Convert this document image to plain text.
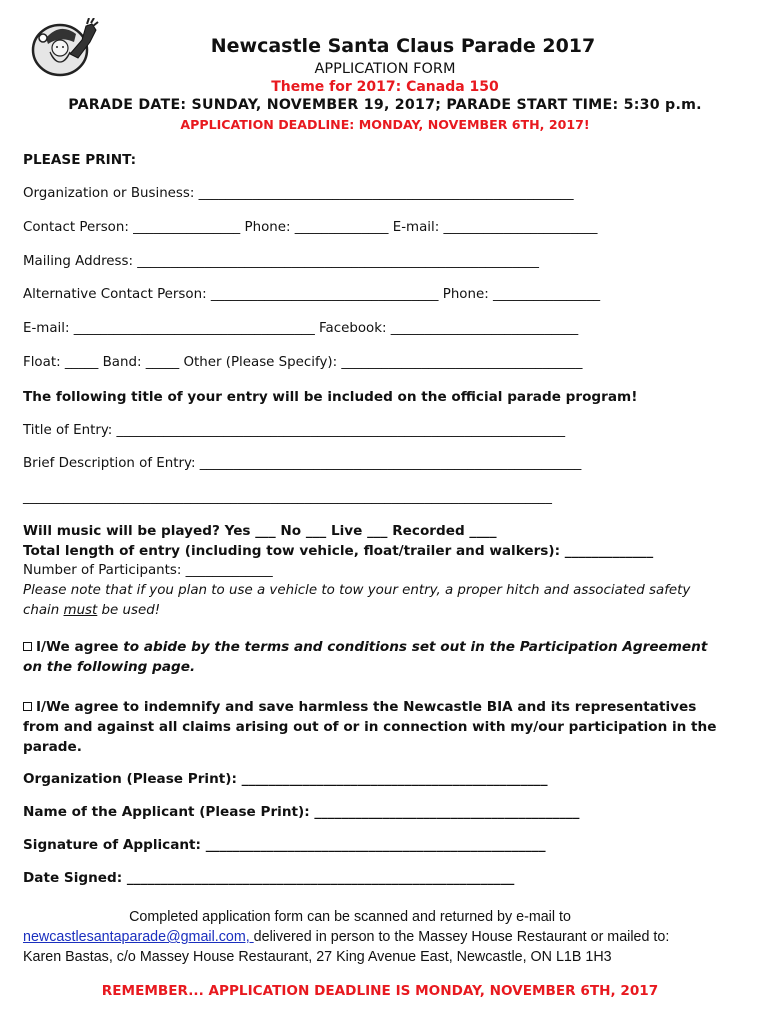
Newcastle Santa Claus Parade 2017
APPLICATION FORM
Theme for 2017: Canada 150
PARADE DATE: SUNDAY, NOVEMBER 19, 2017; PARADE START TIME: 5:30 p.m.
APPLICATION DEADLINE: MONDAY, NOVEMBER 6TH, 2017!
PLEASE PRINT:
Organization or Business: ________________________________________________________
Contact Person: ________________ Phone: ______________ E-mail: _______________________
Mailing Address: ____________________________________________________________
Alternative Contact Person: __________________________________ Phone: ________________
E-mail: ____________________________________ Facebook: ____________________________
Float: _____ Band: _____ Other (Please Specify): ____________________________________
The following title of your entry will be included on the official parade program!
Title of Entry: ___________________________________________________________________
Brief Description of Entry: _________________________________________________________
_______________________________________________________________________________
Will music will be played? Yes ___ No ___ Live ___ Recorded ____
Total length of entry (including tow vehicle, float/trailer and walkers): _____________
Number of Participants: _____________
Please note that if you plan to use a vehicle to tow your entry, a proper hitch and associated safety
chain must be used!
I/We agree to abide by the terms and conditions set out in the Participation Agreement
on the following page.
I/We agree to indemnify and save harmless the Newcastle BIA and its representatives
from and against all claims arising out of or in connection with my/our participation in the
parade.
Organization (Please Print): _____________________________________________
Name of the Applicant (Please Print): _______________________________________
Signature of Applicant: __________________________________________________
Date Signed: _________________________________________________________
Completed application form can be scanned and returned by e-mail to
newcastlesantaparade@gmail.com, delivered in person to the Massey House Restaurant or mailed to:
Karen Bastas, c/o Massey House Restaurant, 27 King Avenue East, Newcastle, ON L1B 1H3
REMEMBER... APPLICATION DEADLINE IS MONDAY, NOVEMBER 6TH, 2017
